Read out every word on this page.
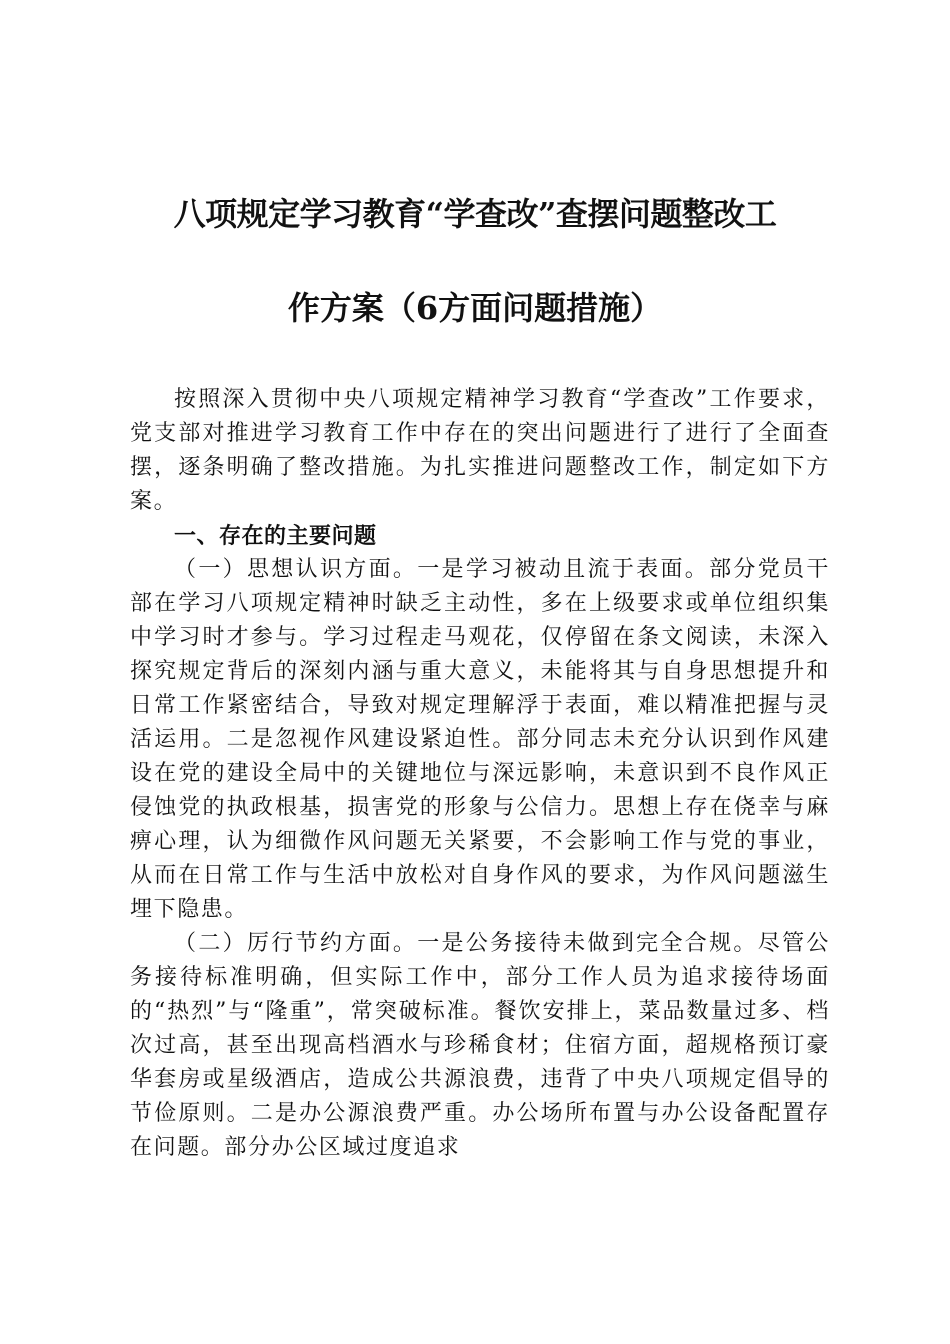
八项规定学习教育“学查改”查摆问题整改工
作方案（6方面问题措施）

按照深入贯彻中央八项规定精神学习教育“学查改”工作要求，党支部对推进学习教育工作中存在的突出问题进行了进行了全面查摆，逐条明确了整改措施。为扎实推进问题整改工作，制定如下方案。

一、存在的主要问题

（一）思想认识方面。一是学习被动且流于表面。部分党员干部在学习八项规定精神时缺乏主动性，多在上级要求或单位组织集中学习时才参与。学习过程走马观花，仅停留在条文阅读，未深入探究规定背后的深刻内涵与重大意义，未能将其与自身思想提升和日常工作紧密结合，导致对规定理解浮于表面，难以精准把握与灵活运用。二是忽视作风建设紧迫性。部分同志未充分认识到作风建设在党的建设全局中的关键地位与深远影响，未意识到不良作风正侵蚀党的执政根基，损害党的形象与公信力。思想上存在侥幸与麻痹心理，认为细微作风问题无关紧要，不会影响工作与党的事业，从而在日常工作与生活中放松对自身作风的要求，为作风问题滋生埋下隐患。

（二）厉行节约方面。一是公务接待未做到完全合规。尽管公务接待标准明确，但实际工作中，部分工作人员为追求接待场面的“热烈”与“隆重”，常突破标准。餐饮安排上，菜品数量过多、档次过高，甚至出现高档酒水与珍稀食材；住宿方面，超规格预订豪华套房或星级酒店，造成公共源浪费，违背了中央八项规定倡导的节俭原则。二是办公源浪费严重。办公场所布置与办公设备配置存在问题。部分办公区域过度追求
